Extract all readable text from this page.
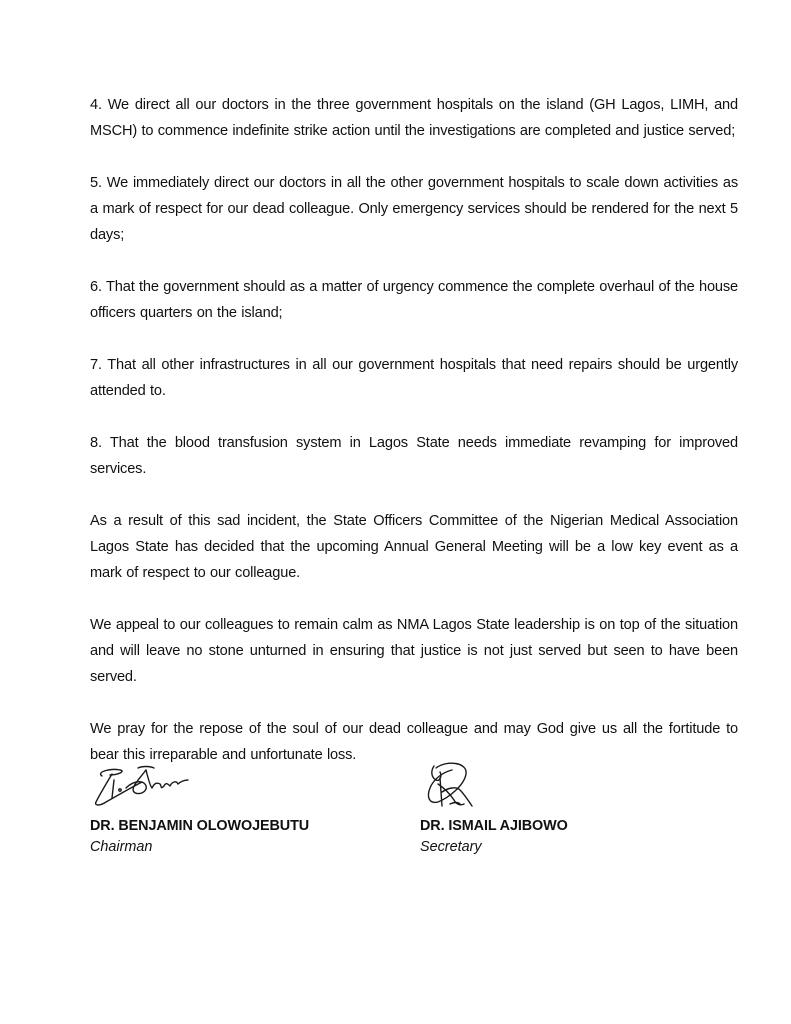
4. We direct all our doctors in the three government hospitals on the island (GH Lagos, LIMH, and MSCH) to commence indefinite strike action until the investigations are completed and justice served;

5. We immediately direct our doctors in all the other government hospitals to scale down activities as a mark of respect for our dead colleague. Only emergency services should be rendered for the next 5 days;

6. That the government should as a matter of urgency commence the complete overhaul of the house officers quarters on the island;

7. That all other infrastructures in all our government hospitals that need repairs should be urgently attended to.

8. That the blood transfusion system in Lagos State needs immediate revamping for improved services.

As a result of this sad incident, the State Officers Committee of the Nigerian Medical Association Lagos State has decided that the upcoming Annual General Meeting will be a low key event as a mark of respect to our colleague.

We appeal to our colleagues to remain calm as NMA Lagos State leadership is on top of the situation and will leave no stone unturned in ensuring that justice is not just served but seen to have been served.

We pray for the repose of the soul of our dead colleague and may God give us all the fortitude to bear this irreparable and unfortunate loss.

DR. BENJAMIN OLOWOJEBUTU
Chairman
DR. ISMAIL AJIBOWO
Secretary
